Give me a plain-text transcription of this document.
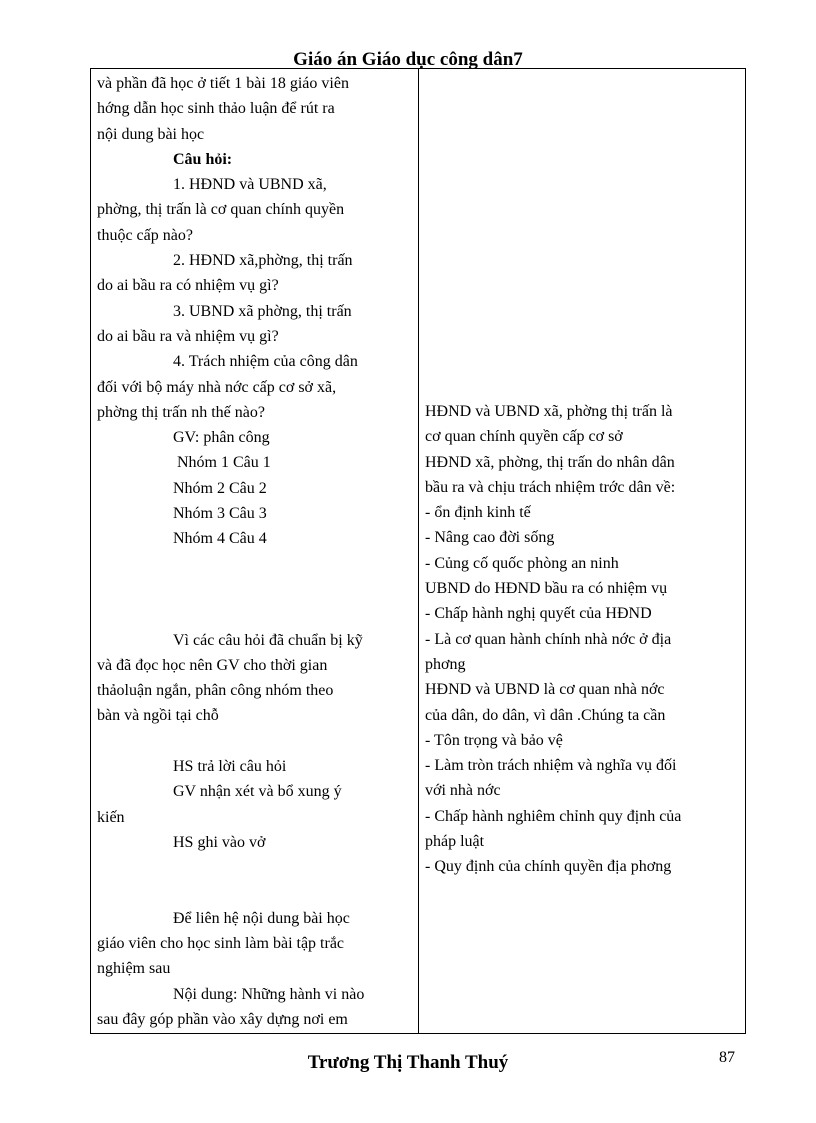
Giáo án Giáo dục công dân7
và phần đã học ở tiết 1 bài 18 giáo viên
hớng dẫn học sinh thảo luận để rút ra
nội dung bài học
Câu hỏi:
1. HĐND và UBND xã,
phờng, thị trấn là cơ quan chính quyền
thuộc cấp nào?
2. HĐND xã,phờng, thị trấn
do ai bầu ra có nhiệm vụ gì?
3. UBND xã phờng, thị trấn
do ai bầu ra và nhiệm vụ gì?
4. Trách nhiệm của công dân
đối với bộ máy nhà nớc cấp cơ sở xã,
phờng thị trấn nh thế nào?
GV: phân công
Nhóm 1 Câu 1
Nhóm 2 Câu 2
Nhóm 3 Câu 3
Nhóm 4 Câu 4
Vì các câu hỏi đã chuẩn bị kỹ
và đã đọc học nên GV cho thời gian
thảoluận ngắn, phân công nhóm theo
bàn và ngồi tại chỗ
HS trả lời câu hỏi
GV nhận xét và bổ xung ý
kiến
HS ghi vào vở
Để liên hệ nội dung bài học
giáo viên cho học sinh làm bài tập trắc
nghiệm sau
Nội dung: Những hành vi nào
sau đây góp phần vào xây dựng nơi em
HĐND và UBND xã, phờng thị trấn là
cơ quan chính quyền cấp cơ sở
HĐND xã, phờng, thị trấn do nhân dân
bầu ra và chịu trách nhiệm trớc dân về:
- ổn định kinh tế
- Nâng cao đời sống
- Củng cố quốc phòng an ninh
UBND do HĐND bầu ra có nhiệm vụ
- Chấp hành nghị quyết của HĐND
- Là cơ quan hành chính nhà nớc ở địa
phơng
HĐND và UBND là cơ quan nhà nớc
của dân, do dân, vì dân .Chúng ta cần
- Tôn trọng và bảo vệ
- Làm tròn trách nhiệm và nghĩa vụ đối
với nhà nớc
- Chấp hành nghiêm chỉnh quy định của
pháp luật
- Quy định của chính quyền địa phơng
Trương Thị Thanh Thuý	87
